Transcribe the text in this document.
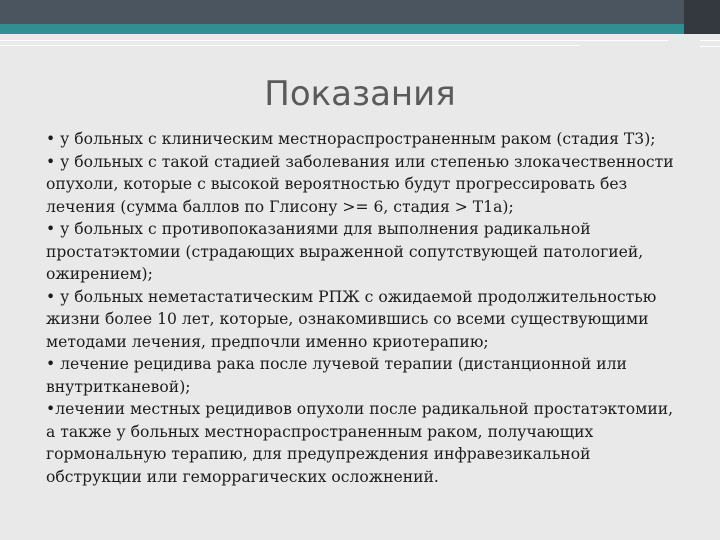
Показания

• у больных с клиническим местнораспространенным раком (стадия Т3);

• у больных с такой стадией заболевания или степенью злокачественности опухоли, которые с высокой вероятностью будут прогрессировать без лечения (сумма баллов по Глисону >= 6, стадия > Т1а);

• у больных с противопоказаниями для выполнения радикальной простатэктомии (страдающих выраженной сопутствующей патологией, ожирением);

• у больных неметастатическим РПЖ с ожидаемой продолжительностью жизни более 10 лет, которые, ознакомившись со всеми существующими методами лечения, предпочли именно криотерапию;

• лечение рецидива рака после лучевой терапии (дистанционной или внутритканевой);

•лечении местных рецидивов опухоли после радикальной простатэктомии, а также у больных местнораспространенным раком, получающих гормональную терапию, для предупреждения инфравезикальной обструкции или геморрагических осложнений.
